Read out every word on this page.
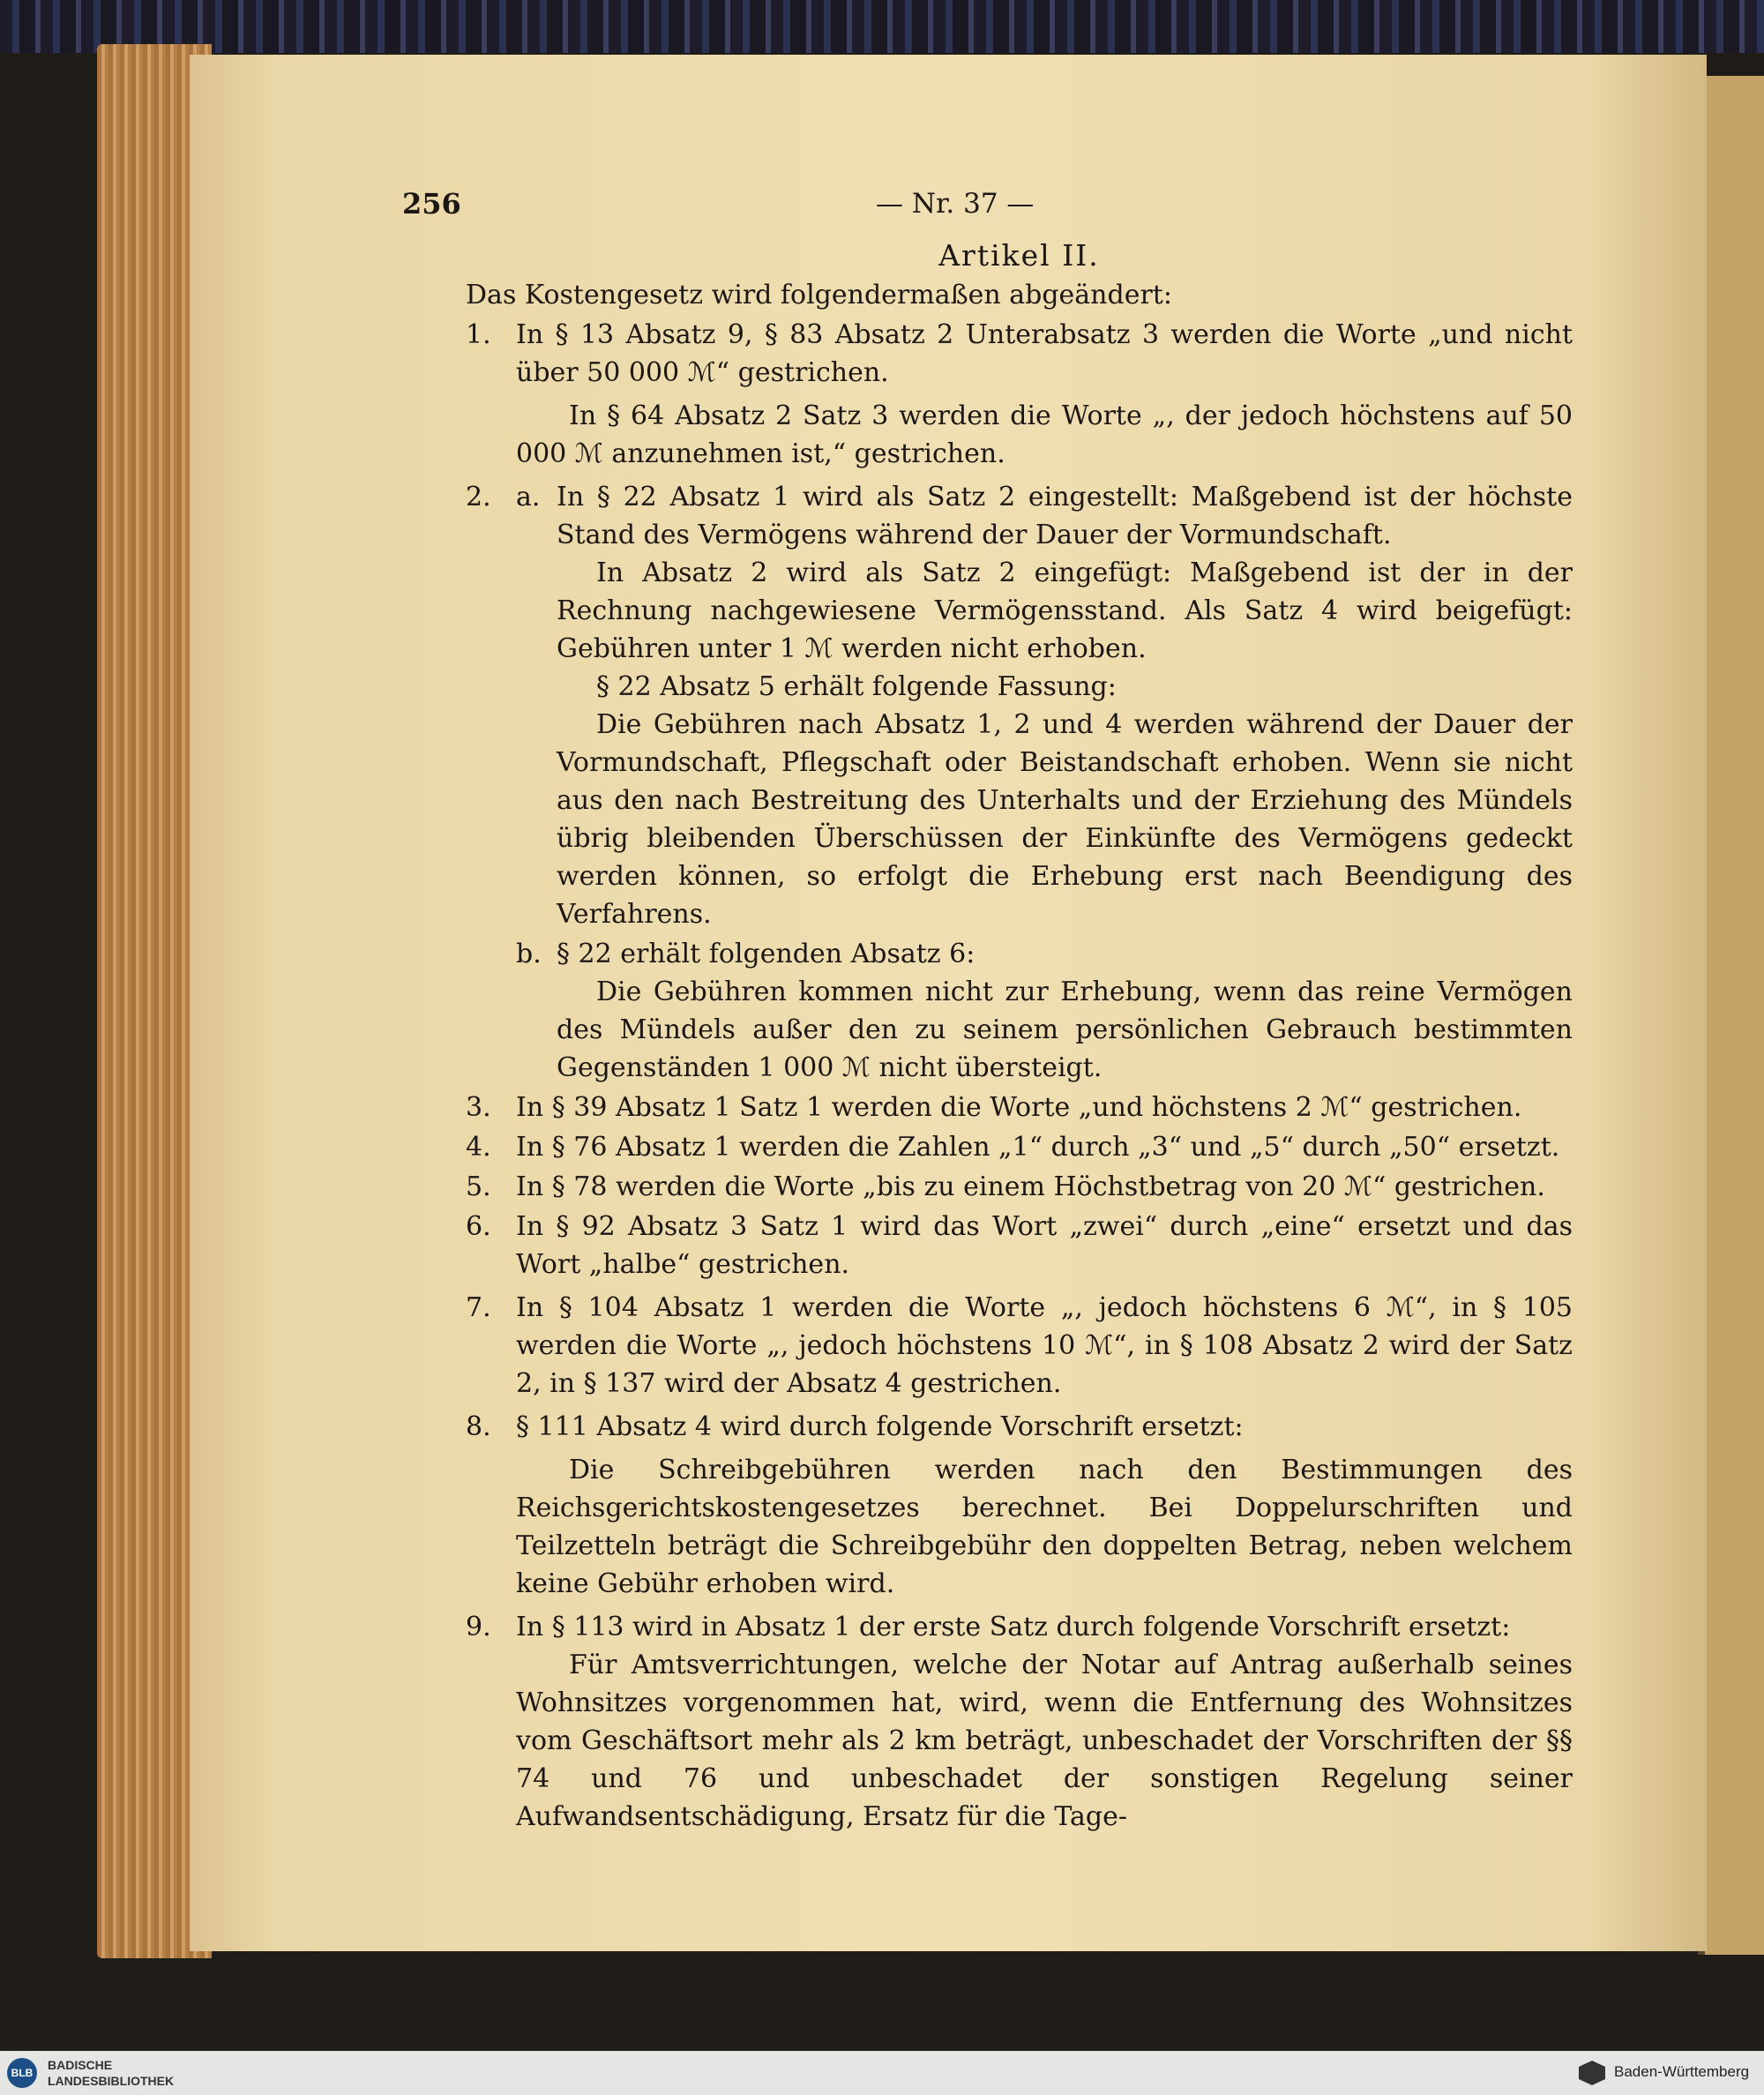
256	— Nr. 37 —
Artikel II.

Das Kostengesetz wird folgendermaßen abgeändert:

1. In § 13 Absatz 9, § 83 Absatz 2 Unterabsatz 3 werden die Worte „und nicht über 50 000 ℳ“ gestrichen.

In § 64 Absatz 2 Satz 3 werden die Worte „, der jedoch höchstens auf 50 000 ℳ anzunehmen ist,“ gestrichen.

2. a. In § 22 Absatz 1 wird als Satz 2 eingestellt: Maßgebend ist der höchste Stand des Vermögens während der Dauer der Vormundschaft.

In Absatz 2 wird als Satz 2 eingefügt: Maßgebend ist der in der Rechnung nachgewiesene Vermögensstand. Als Satz 4 wird beigefügt: Gebühren unter 1 ℳ werden nicht erhoben.

§ 22 Absatz 5 erhält folgende Fassung:

Die Gebühren nach Absatz 1, 2 und 4 werden während der Dauer der Vormundschaft, Pflegschaft oder Beistandschaft erhoben. Wenn sie nicht aus den nach Bestreitung des Unterhalts und der Erziehung des Mündels übrig bleibenden Überschüssen der Einkünfte des Vermögens gedeckt werden können, so erfolgt die Erhebung erst nach Beendigung des Verfahrens.

b. § 22 erhält folgenden Absatz 6:

Die Gebühren kommen nicht zur Erhebung, wenn das reine Vermögen des Mündels außer den zu seinem persönlichen Gebrauch bestimmten Gegenständen 1 000 ℳ nicht übersteigt.

3. In § 39 Absatz 1 Satz 1 werden die Worte „und höchstens 2 ℳ“ gestrichen.

4. In § 76 Absatz 1 werden die Zahlen „1“ durch „3“ und „5“ durch „50“ ersetzt.

5. In § 78 werden die Worte „bis zu einem Höchstbetrag von 20 ℳ“ gestrichen.

6. In § 92 Absatz 3 Satz 1 wird das Wort „zwei“ durch „eine“ ersetzt und das Wort „halbe“ gestrichen.

7. In § 104 Absatz 1 werden die Worte „, jedoch höchstens 6 ℳ“, in § 105 werden die Worte „, jedoch höchstens 10 ℳ“, in § 108 Absatz 2 wird der Satz 2, in § 137 wird der Absatz 4 gestrichen.

8. § 111 Absatz 4 wird durch folgende Vorschrift ersetzt:

Die Schreibgebühren werden nach den Bestimmungen des Reichsgerichtskostengesetzes berechnet. Bei Doppelurschriften und Teilzetteln beträgt die Schreibgebühr den doppelten Betrag, neben welchem keine Gebühr erhoben wird.

9. In § 113 wird in Absatz 1 der erste Satz durch folgende Vorschrift ersetzt:

Für Amtsverrichtungen, welche der Notar auf Antrag außerhalb seines Wohnsitzes vorgenommen hat, wird, wenn die Entfernung des Wohnsitzes vom Geschäftsort mehr als 2 km beträgt, unbeschadet der Vorschriften der §§ 74 und 76 und unbeschadet der sonstigen Regelung seiner Aufwandsentschädigung, Ersatz für die Tage-

BLB
BADISCHE
LANDESBIBLIOTHEK
Baden-Württemberg
